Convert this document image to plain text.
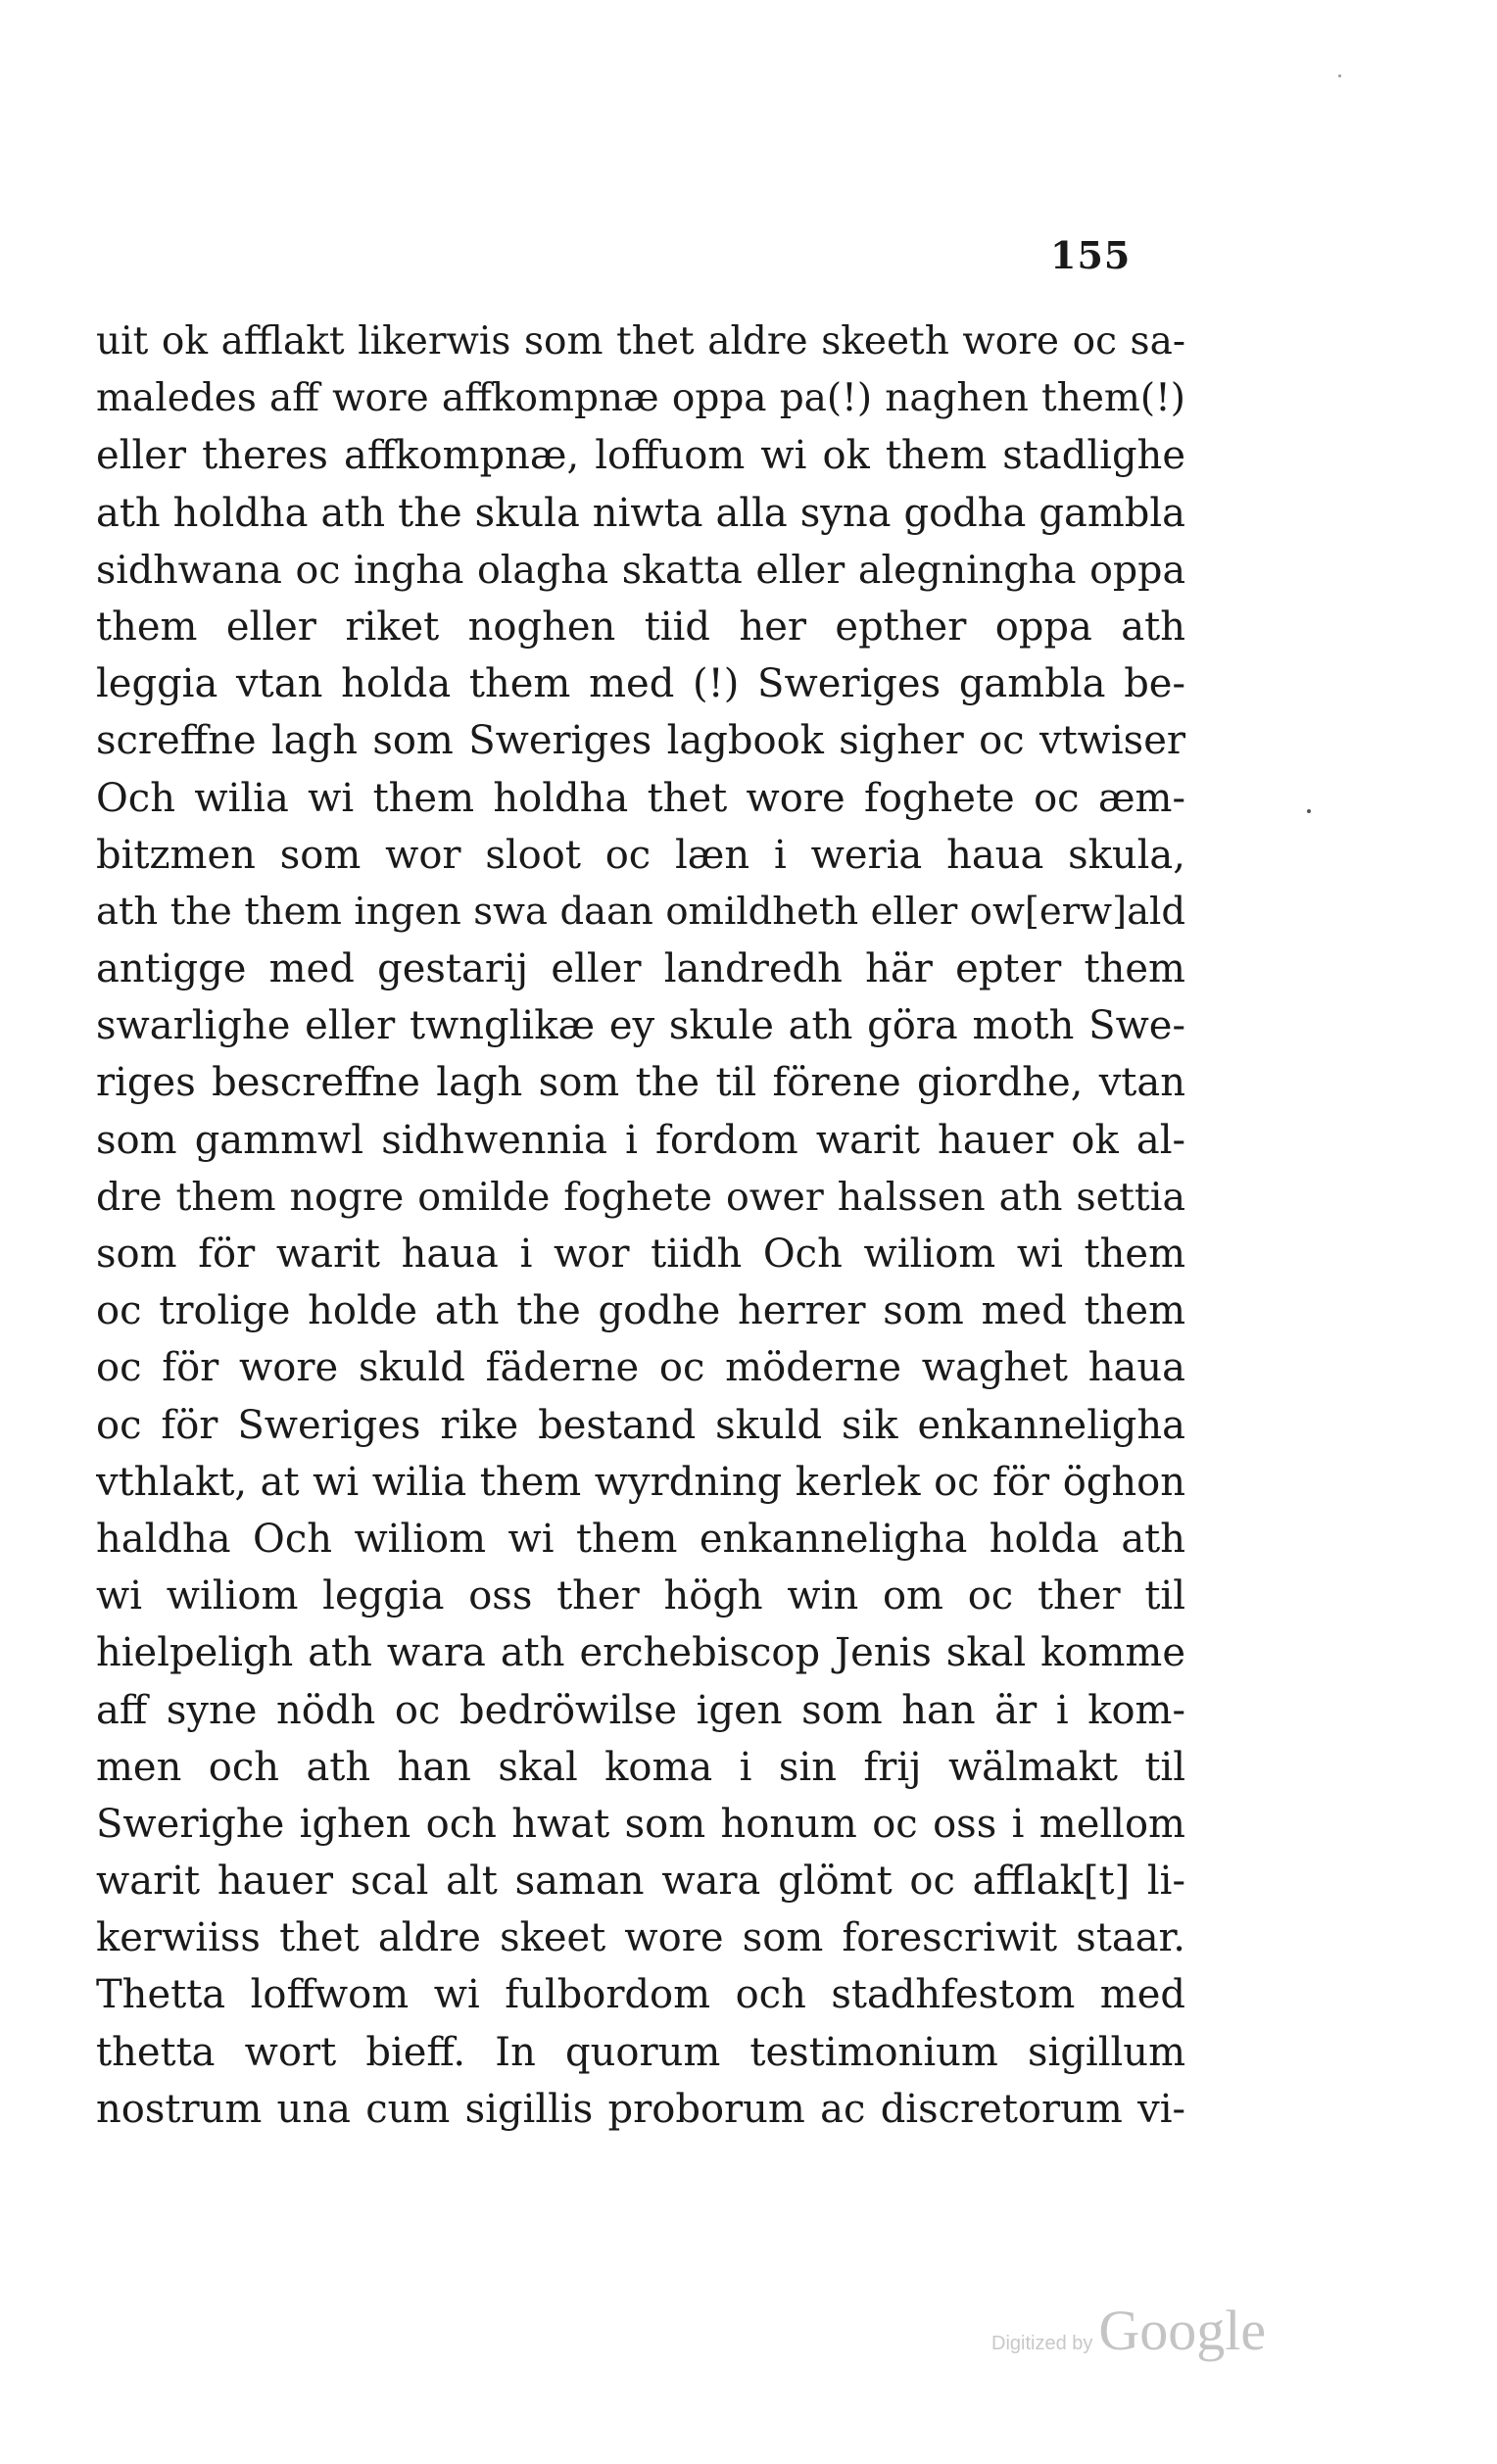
155
uit ok afflakt likerwis som thet aldre skeeth wore oc sa-
maledes aff wore affkompnæ oppa pa(!) naghen them(!)
eller theres affkompnæ, loffuom wi ok them stadlighe
ath holdha ath the skula niwta alla syna godha gambla
sidhwana oc ingha olagha skatta eller alegningha oppa
them eller riket noghen tiid her epther oppa ath
leggia vtan holda them med (!) Sweriges gambla be-
screffne lagh som Sweriges lagbook sigher oc vtwiser
Och wilia wi them holdha thet wore foghete oc æm-
bitzmen som wor sloot oc læn i weria haua skula,
ath the them ingen swa daan omildheth eller ow[erw]ald
antigge med gestarij eller landredh här epter them
swarlighe eller twnglikæ ey skule ath göra moth Swe-
riges bescreffne lagh som the til förene giordhe, vtan
som gammwl sidhwennia i fordom warit hauer ok al-
dre them nogre omilde foghete ower halssen ath settia
som för warit haua i wor tiidh Och wiliom wi them
oc trolige holde ath the godhe herrer som med them
oc för wore skuld fäderne oc möderne waghet haua
oc för Sweriges rike bestand skuld sik enkanneligha
vthlakt, at wi wilia them wyrdning kerlek oc för öghon
haldha Och wiliom wi them enkanneligha holda ath
wi wiliom leggia oss ther högh win om oc ther til
hielpeligh ath wara ath erchebiscop Jenis skal komme
aff syne nödh oc bedröwilse igen som han är i kom-
men och ath han skal koma i sin frij wälmakt til
Swerighe ighen och hwat som honum oc oss i mellom
warit hauer scal alt saman wara glömt oc afflak[t] li-
kerwiiss thet aldre skeet wore som forescriwit staar.
Thetta loffwom wi fulbordom och stadhfestom med
thetta wort bieff. In quorum testimonium sigillum
nostrum una cum sigillis proborum ac discretorum vi-
Digitized by Google
